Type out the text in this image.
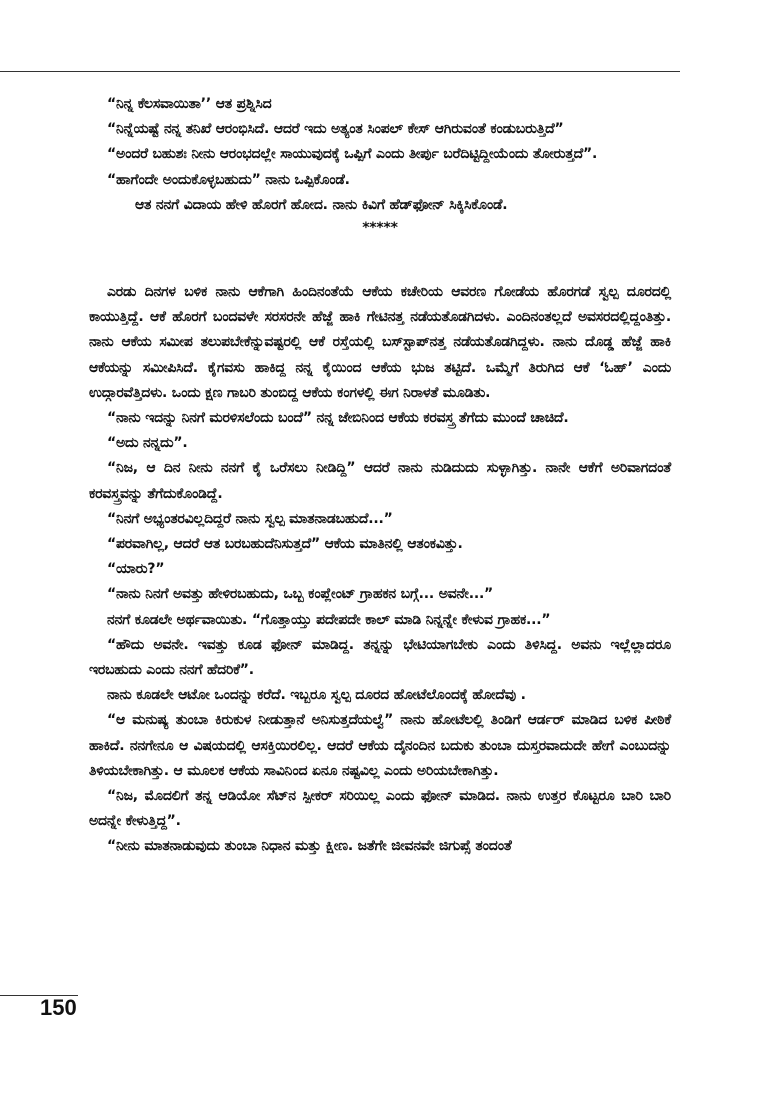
“ನಿನ್ನ ಕೆಲಸವಾಯಿತಾ’’ ಆತ ಪ್ರಶ್ನಿಸಿದ

“ನಿನ್ನೆಯಷ್ಟೆ ನನ್ನ ತನಿಖೆ ಆರಂಭಿಸಿದೆ. ಆದರೆ ಇದು ಅತ್ಯಂತ ಸಿಂಪಲ್ ಕೇಸ್ ಆಗಿರುವಂತೆ ಕಂಡುಬರುತ್ತಿದೆ”

“ಅಂದರೆ ಬಹುಶಃ ನೀನು ಆರಂಭದಲ್ಲೇ ಸಾಯುವುದಕ್ಕೆ ಒಪ್ಪಿಗೆ ಎಂದು ತೀರ್ಪು ಬರೆದಿಟ್ಟಿದ್ದೀಯೆಂದು ತೋರುತ್ತದೆ”.

“ಹಾಗೆಂದೇ ಅಂದುಕೊಳ್ಳಬಹುದು” ನಾನು ಒಪ್ಪಿಕೊಂಡೆ.

ಆತ ನನಗೆ ವಿದಾಯ ಹೇಳಿ ಹೊರಗೆ ಹೋದ. ನಾನು ಕಿವಿಗೆ ಹೆಡ್‌ಫೋನ್ ಸಿಕ್ಕಿಸಿಕೊಂಡೆ.

*****

ಎರಡು ದಿನಗಳ ಬಳಿಕ ನಾನು ಆಕೆಗಾಗಿ ಹಿಂದಿನಂತೆಯೆ ಆಕೆಯ ಕಚೇರಿಯ ಆವರಣ ಗೋಡೆಯ ಹೊರಗಡೆ ಸ್ವಲ್ಪ ದೂರದಲ್ಲಿ ಕಾಯುತ್ತಿದ್ದೆ. ಆಕೆ ಹೊರಗೆ ಬಂದವಳೇ ಸರಸರನೇ ಹೆಜ್ಜೆ ಹಾಕಿ ಗೇಟಿನತ್ತ ನಡೆಯತೊಡಗಿದಳು. ಎಂದಿನಂತಲ್ಲದೆ ಅವಸರದಲ್ಲಿದ್ದಂತಿತ್ತು. ನಾನು ಆಕೆಯ ಸಮೀಪ ತಲುಪಬೇಕೆನ್ನುವಷ್ಟರಲ್ಲಿ ಆಕೆ ರಸ್ತೆಯಲ್ಲಿ ಬಸ್‌ಸ್ಟಾಪ್‌ನತ್ತ ನಡೆಯತೊಡಗಿದ್ದಳು. ನಾನು ದೊಡ್ಡ ಹೆಜ್ಜೆ ಹಾಕಿ ಆಕೆಯನ್ನು ಸಮೀಪಿಸಿದೆ. ಕೈಗವಸು ಹಾಕಿದ್ದ ನನ್ನ ಕೈಯಿಂದ ಆಕೆಯ ಭುಜ ತಟ್ಟಿದೆ. ಒಮ್ಮೆಗೆ ತಿರುಗಿದ ಆಕೆ ‘ಓಹ್’ ಎಂದು ಉದ್ಗಾರವೆತ್ತಿದಳು. ಒಂದು ಕ್ಷಣ ಗಾಬರಿ ತುಂಬಿದ್ದ ಆಕೆಯ ಕಂಗಳಲ್ಲಿ ಈಗ ನಿರಾಳತೆ ಮೂಡಿತು.

“ನಾನು ಇದನ್ನು ನಿನಗೆ ಮರಳಿಸಲೆಂದು ಬಂದೆ” ನನ್ನ ಜೇಬಿನಿಂದ ಆಕೆಯ ಕರವಸ್ತ್ರ ತೆಗೆದು ಮುಂದೆ ಚಾಚಿದೆ.

“ಅದು ನನ್ನದು”.

“ನಿಜ, ಆ ದಿನ ನೀನು ನನಗೆ ಕೈ ಒರೆಸಲು ನೀಡಿದ್ದಿ” ಆದರೆ ನಾನು ನುಡಿದುದು ಸುಳ್ಳಾಗಿತ್ತು. ನಾನೇ ಆಕೆಗೆ ಅರಿವಾಗದಂತೆ ಕರವಸ್ತ್ರವನ್ನು ತೆಗೆದುಕೊಂಡಿದ್ದೆ.

“ನಿನಗೆ ಅಭ್ಯಂತರವಿಲ್ಲದಿದ್ದರೆ ನಾನು ಸ್ವಲ್ಪ ಮಾತನಾಡಬಹುದೆ...”

“ಪರವಾಗಿಲ್ಲ, ಆದರೆ ಆತ ಬರಬಹುದೆನಿಸುತ್ತದೆ” ಆಕೆಯ ಮಾತಿನಲ್ಲಿ ಆತಂಕವಿತ್ತು.

“ಯಾರು?”

“ನಾನು ನಿನಗೆ ಅವತ್ತು ಹೇಳಿರಬಹುದು, ಒಬ್ಬ ಕಂಪ್ಲೇಂಟ್ ಗ್ರಾಹಕನ ಬಗ್ಗೆ... ಅವನೇ...”

ನನಗೆ ಕೂಡಲೇ ಅರ್ಥವಾಯಿತು. “ಗೊತ್ತಾಯ್ತು ಪದೇಪದೇ ಕಾಲ್ ಮಾಡಿ ನಿನ್ನನ್ನೇ ಕೇಳುವ ಗ್ರಾಹಕ...”

“ಹೌದು ಅವನೇ. ಇವತ್ತು ಕೂಡ ಫೋನ್ ಮಾಡಿದ್ದ. ತನ್ನನ್ನು ಭೇಟಿಯಾಗಬೇಕು ಎಂದು ತಿಳಿಸಿದ್ದ. ಅವನು ಇಲ್ಲೆಲ್ಲಾದರೂ ಇರಬಹುದು ಎಂದು ನನಗೆ ಹೆದರಿಕೆ”.

ನಾನು ಕೂಡಲೇ ಆಟೋ ಒಂದನ್ನು ಕರೆದೆ. ಇಬ್ಬರೂ ಸ್ವಲ್ಪ ದೂರದ ಹೋಟೆಲೊಂದಕ್ಕೆ ಹೋದೆವು .

“ಆ ಮನುಷ್ಯ ತುಂಬಾ ಕಿರುಕುಳ ನೀಡುತ್ತಾನೆ ಅನಿಸುತ್ತದೆಯಲ್ವೆ” ನಾನು ಹೋಟೆಲಲ್ಲಿ ತಿಂಡಿಗೆ ಆರ್ಡರ್ ಮಾಡಿದ ಬಳಿಕ ಪೀಠಿಕೆ ಹಾಕಿದೆ. ನನಗೇನೂ ಆ ವಿಷಯದಲ್ಲಿ ಆಸಕ್ತಿಯಿರಲಿಲ್ಲ. ಆದರೆ ಆಕೆಯ ದೈನಂದಿನ ಬದುಕು ತುಂಬಾ ದುಸ್ತರವಾದುದೇ ಹೇಗೆ ಎಂಬುದನ್ನು ತಿಳಿಯಬೇಕಾಗಿತ್ತು. ಆ ಮೂಲಕ ಆಕೆಯ ಸಾವಿನಿಂದ ಏನೂ ನಷ್ಟವಿಲ್ಲ ಎಂದು ಅರಿಯಬೇಕಾಗಿತ್ತು.

“ನಿಜ, ಮೊದಲಿಗೆ ತನ್ನ ಆಡಿಯೋ ಸೆಟ್‌ನ ಸ್ಪೀಕರ್ ಸರಿಯಿಲ್ಲ ಎಂದು ಫೋನ್ ಮಾಡಿದ. ನಾನು ಉತ್ತರ ಕೊಟ್ಟರೂ ಬಾರಿ ಬಾರಿ ಅದನ್ನೇ ಕೇಳುತ್ತಿದ್ದ”.

“ನೀನು ಮಾತನಾಡುವುದು ತುಂಬಾ ನಿಧಾನ ಮತ್ತು ಕ್ಷೀಣ. ಜತೆಗೇ ಜೀವನವೇ ಜಿಗುಪ್ಸೆ ತಂದಂತೆ

150
